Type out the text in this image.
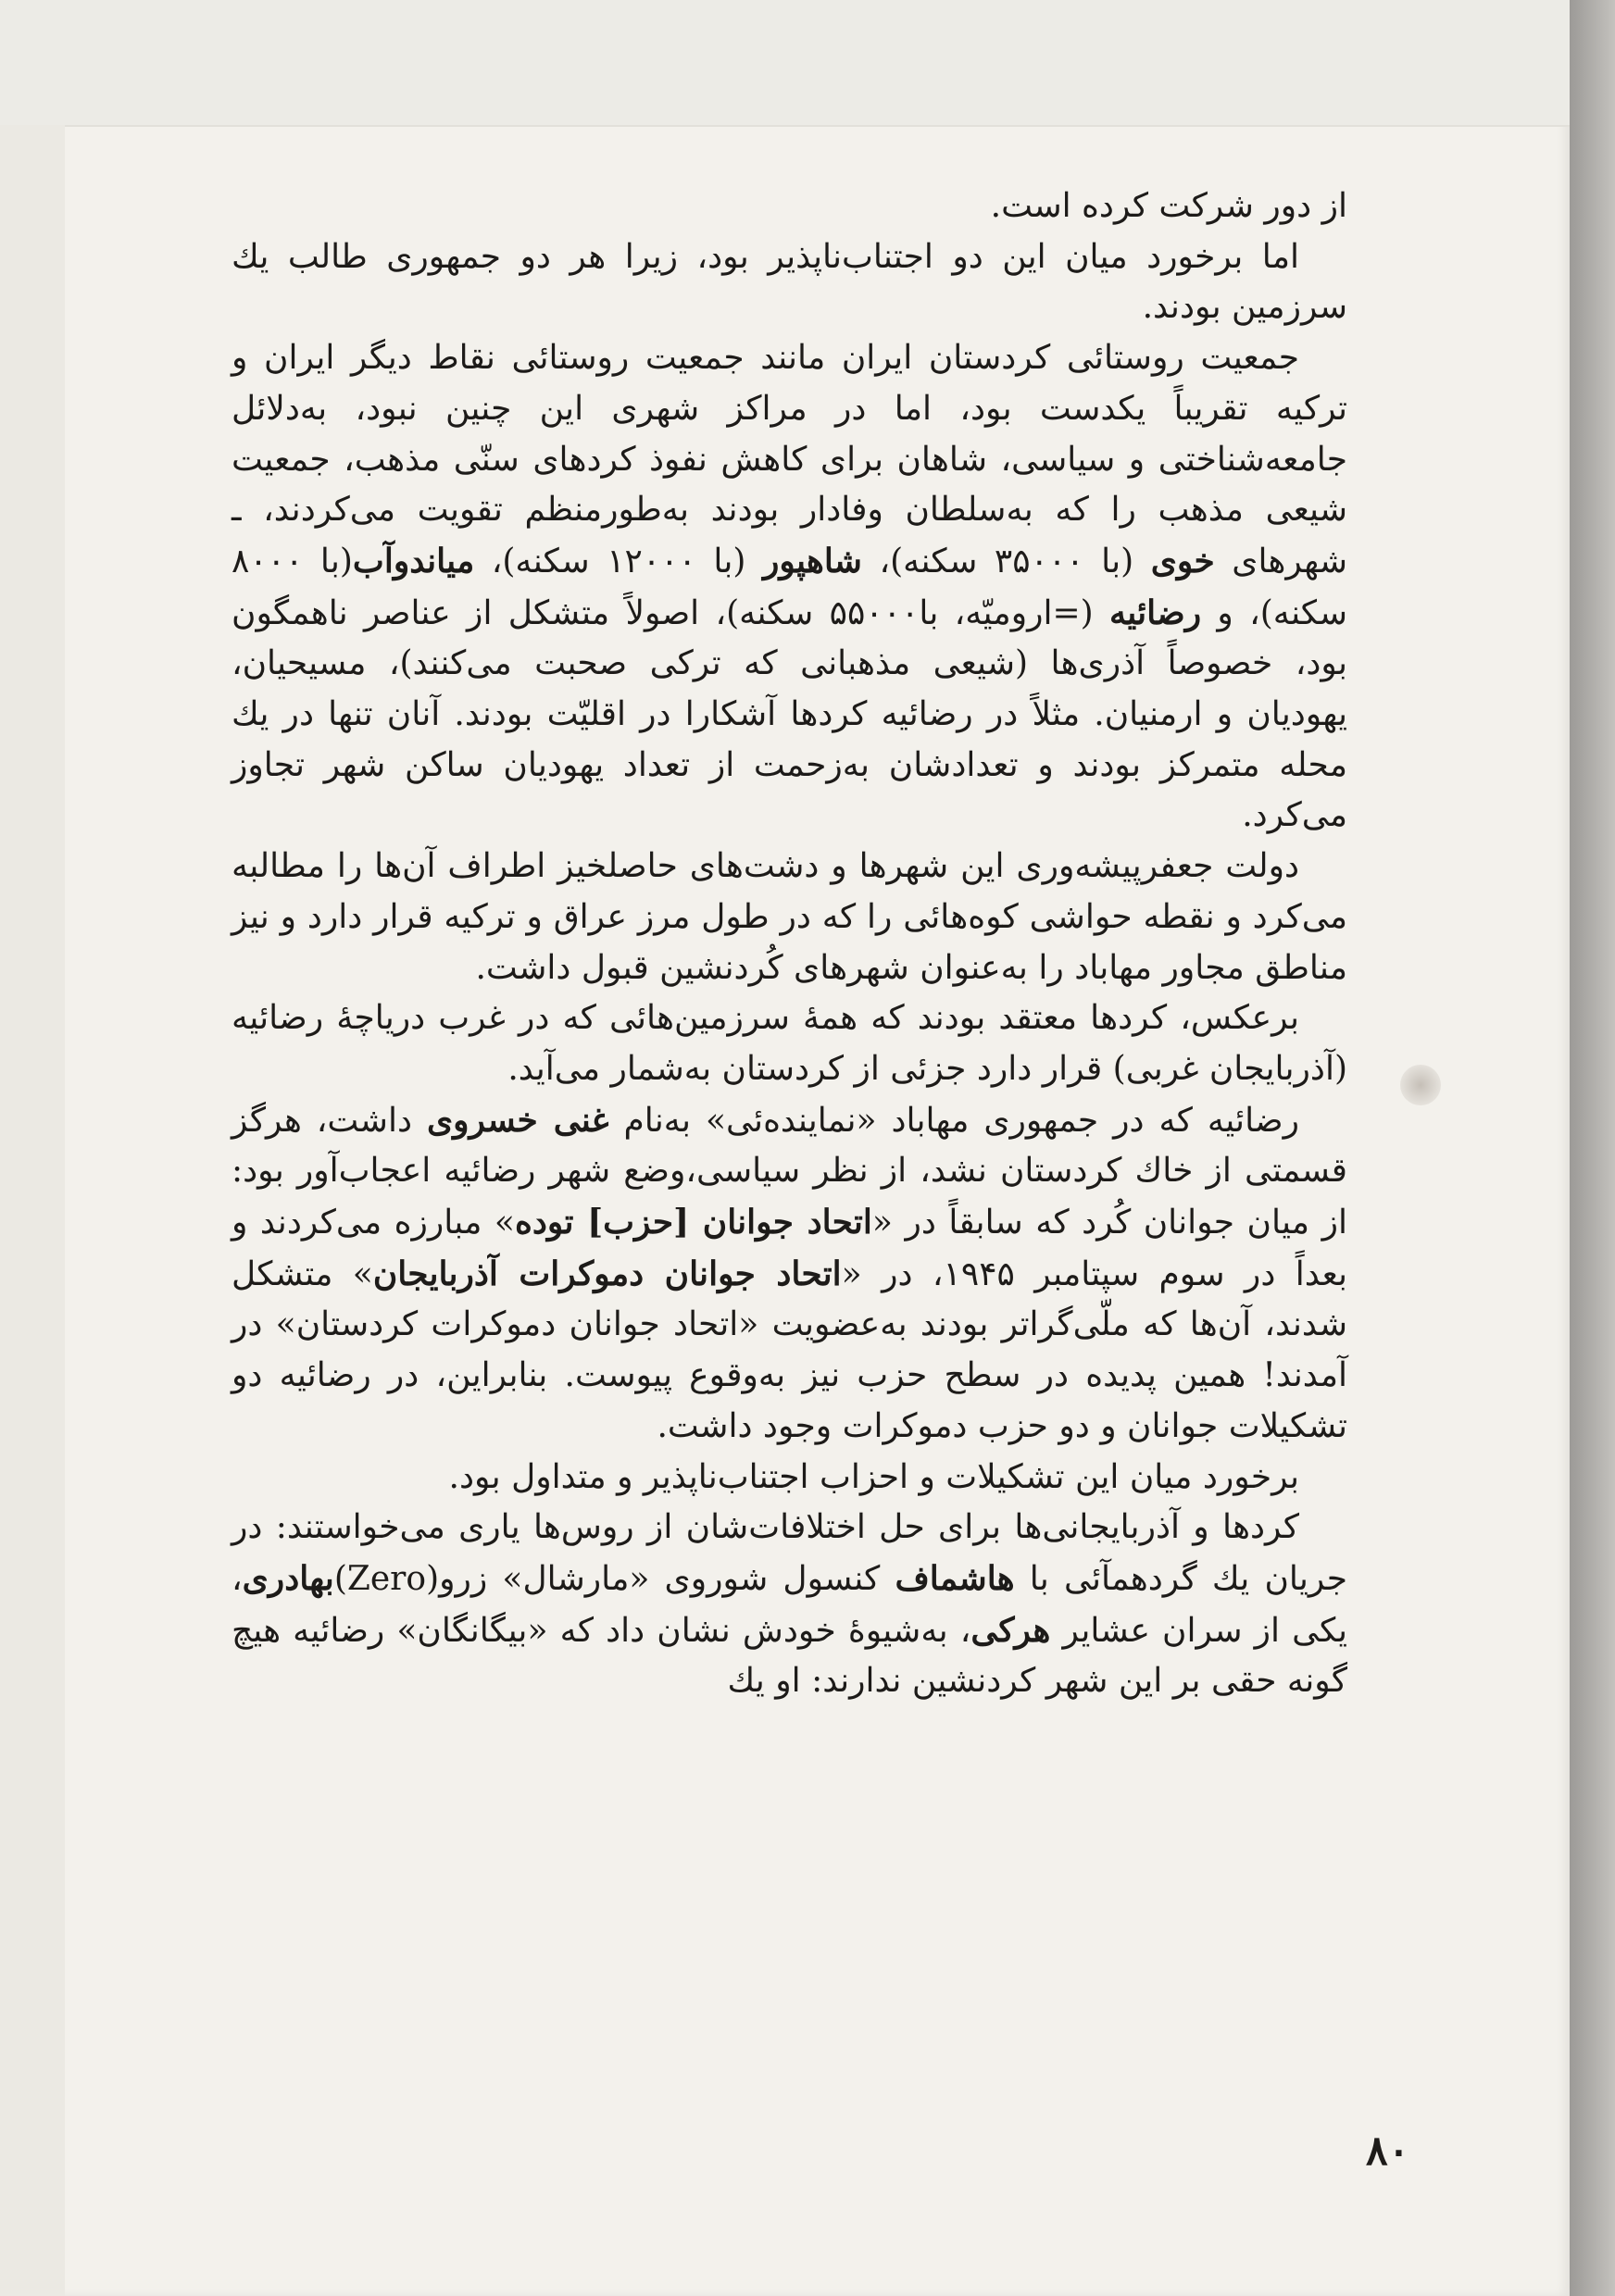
از دور شرکت کرده است.

اما برخورد میان این دو اجتناب‌ناپذیر بود، زیرا هر دو جمهوری طالب یك سرزمین بودند.

جمعیت روستائی کردستان ایران مانند جمعیت روستائی نقاط دیگر ایران و ترکیه تقریباً یکدست بود، اما در مراکز شهری این چنین نبود، به‌دلائل جامعه‌شناختی و سیاسی، شاهان برای کاهش نفوذ کردهای سنّی مذهب، جمعیت شیعی مذهب را که به‌سلطان وفادار بودند به‌طورمنظم تقویت می‌کردند، ـ شهرهای خوی (با ۳۵۰۰۰ سکنه)، شاهپور (با ۱۲۰۰۰ سکنه)، میاندوآب(با ۸۰۰۰ سکنه)، و رضائیه (=ارومیّه، با۵۵۰۰۰ سکنه)، اصولاً متشکل از عناصر ناهمگون بود، خصوصاً آذری‌ها (شیعی مذهبانی که ترکی صحبت می‌کنند)، مسیحیان، یهودیان و ارمنیان. مثلاً در رضائیه کردها آشکارا در اقلیّت بودند. آنان تنها در یك محله متمرکز بودند و تعدادشان به‌زحمت از تعداد یهودیان ساکن شهر تجاوز می‌کرد.

دولت جعفرپیشه‌وری این شهرها و دشت‌های حاصلخیز اطراف آن‌ها را مطالبه می‌کرد و نقطه حواشی کوه‌هائی را که در طول مرز عراق و ترکیه قرار دارد و نیز مناطق مجاور مهاباد را به‌عنوان شهرهای کُردنشین قبول داشت.

برعکس، کردها معتقد بودند که همهٔ سرزمین‌هائی که در غرب دریاچهٔ رضائیه (آذربایجان غربی) قرار دارد جزئی از کردستان به‌شمار می‌آید.

رضائیه که در جمهوری مهاباد «نماینده‌ئی» به‌نام غنی خسروی داشت، هرگز قسمتی از خاك کردستان نشد، از نظر سیاسی،وضع شهر رضائیه اعجاب‌آور بود: از میان جوانان کُرد که سابقاً در «اتحاد جوانان [حزب] توده» مبارزه می‌کردند و بعداً در سوم سپتامبر ۱۹۴۵، در «اتحاد جوانان دموکرات آذربایجان» متشکل شدند، آن‌ها که ملّی‌گراتر بودند به‌عضویت «اتحاد جوانان دموکرات کردستان» در آمدند! همین پدیده در سطح حزب نیز به‌وقوع پیوست. بنابراین، در رضائیه دو تشکیلات جوانان و دو حزب دموکرات وجود داشت.

برخورد میان این تشکیلات و احزاب اجتناب‌ناپذیر و متداول بود.

کردها و آذربایجانی‌ها برای حل اختلافات‌شان از روس‌ها یاری می‌خواستند: در جریان یك گردهمآئی با هاشماف کنسول شوروی «مارشال» زرو(Zero)بهادری، یکی از سران عشایر هرکی، به‌شیوهٔ خودش نشان داد که «بیگانگان» رضائیه هیچ گونه حقی بر این شهر کردنشین ندارند: او یك

۸۰
